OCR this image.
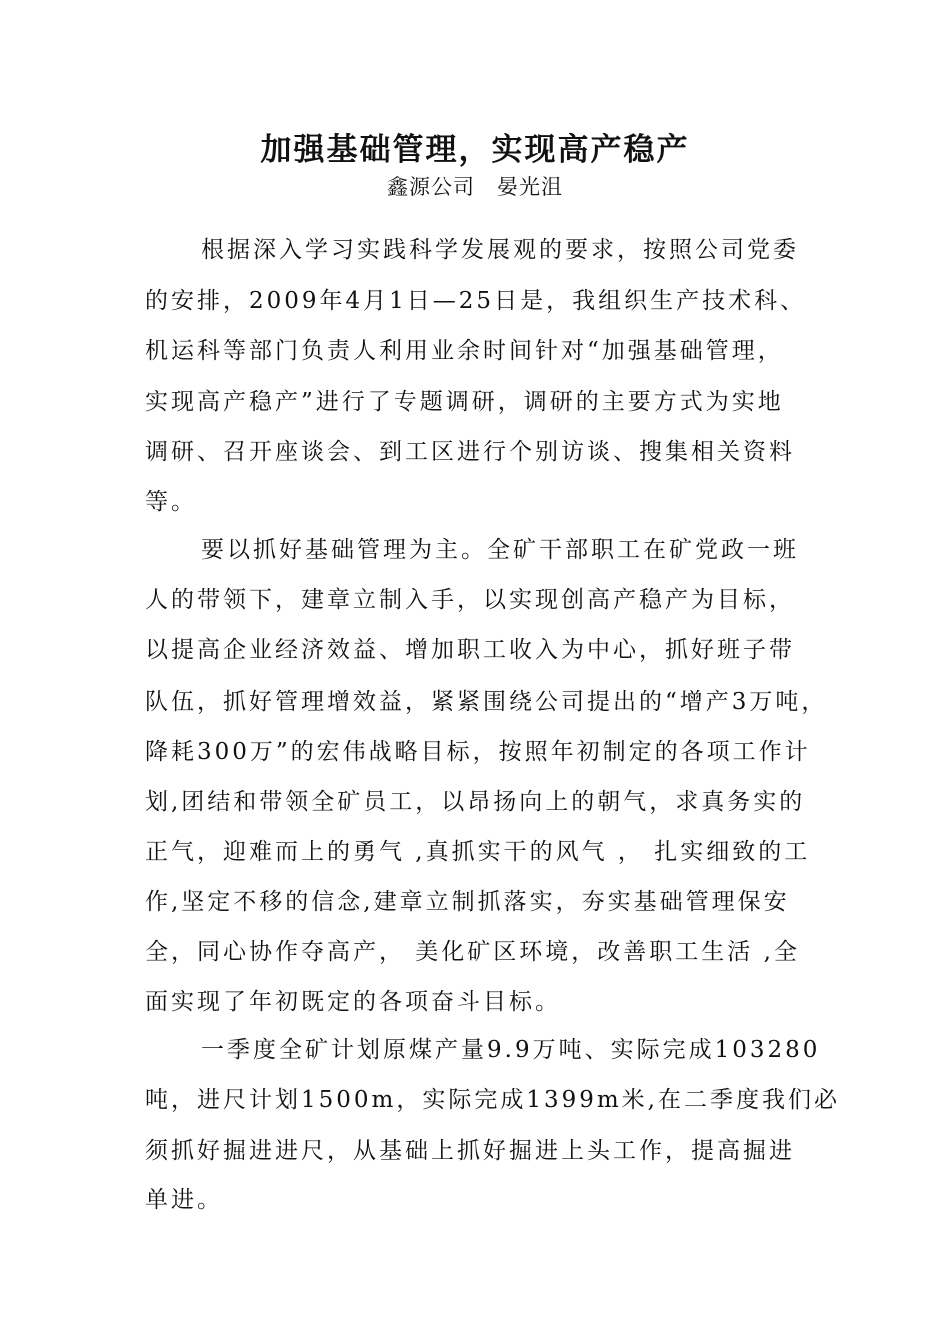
加强基础管理，实现高产稳产
鑫源公司　晏光沮
根据深入学习实践科学发展观的要求，按照公司党委
的安排，2009年4月1日—25日是，我组织生产技术科、
机运科等部门负责人利用业余时间针对“加强基础管理，
实现高产稳产”进行了专题调研，调研的主要方式为实地
调研、召开座谈会、到工区进行个别访谈、搜集相关资料
等。
要以抓好基础管理为主。全矿干部职工在矿党政一班
人的带领下，建章立制入手，以实现创高产稳产为目标，
以提高企业经济效益、增加职工收入为中心，抓好班子带
队伍，抓好管理增效益，紧紧围绕公司提出的“增产3万吨，
降耗300万”的宏伟战略目标，按照年初制定的各项工作计
划,团结和带领全矿员工，以昂扬向上的朝气，求真务实的
正气，迎难而上的勇气 ,真抓实干的风气 ， 扎实细致的工
作,坚定不移的信念,建章立制抓落实，夯实基础管理保安
全，同心协作夺高产， 美化矿区环境，改善职工生活 ,全
面实现了年初既定的各项奋斗目标。
一季度全矿计划原煤产量9.9万吨、实际完成103280
吨，进尺计划1500m，实际完成1399m米,在二季度我们必
须抓好掘进进尺，从基础上抓好掘进上头工作，提高掘进
单进。
